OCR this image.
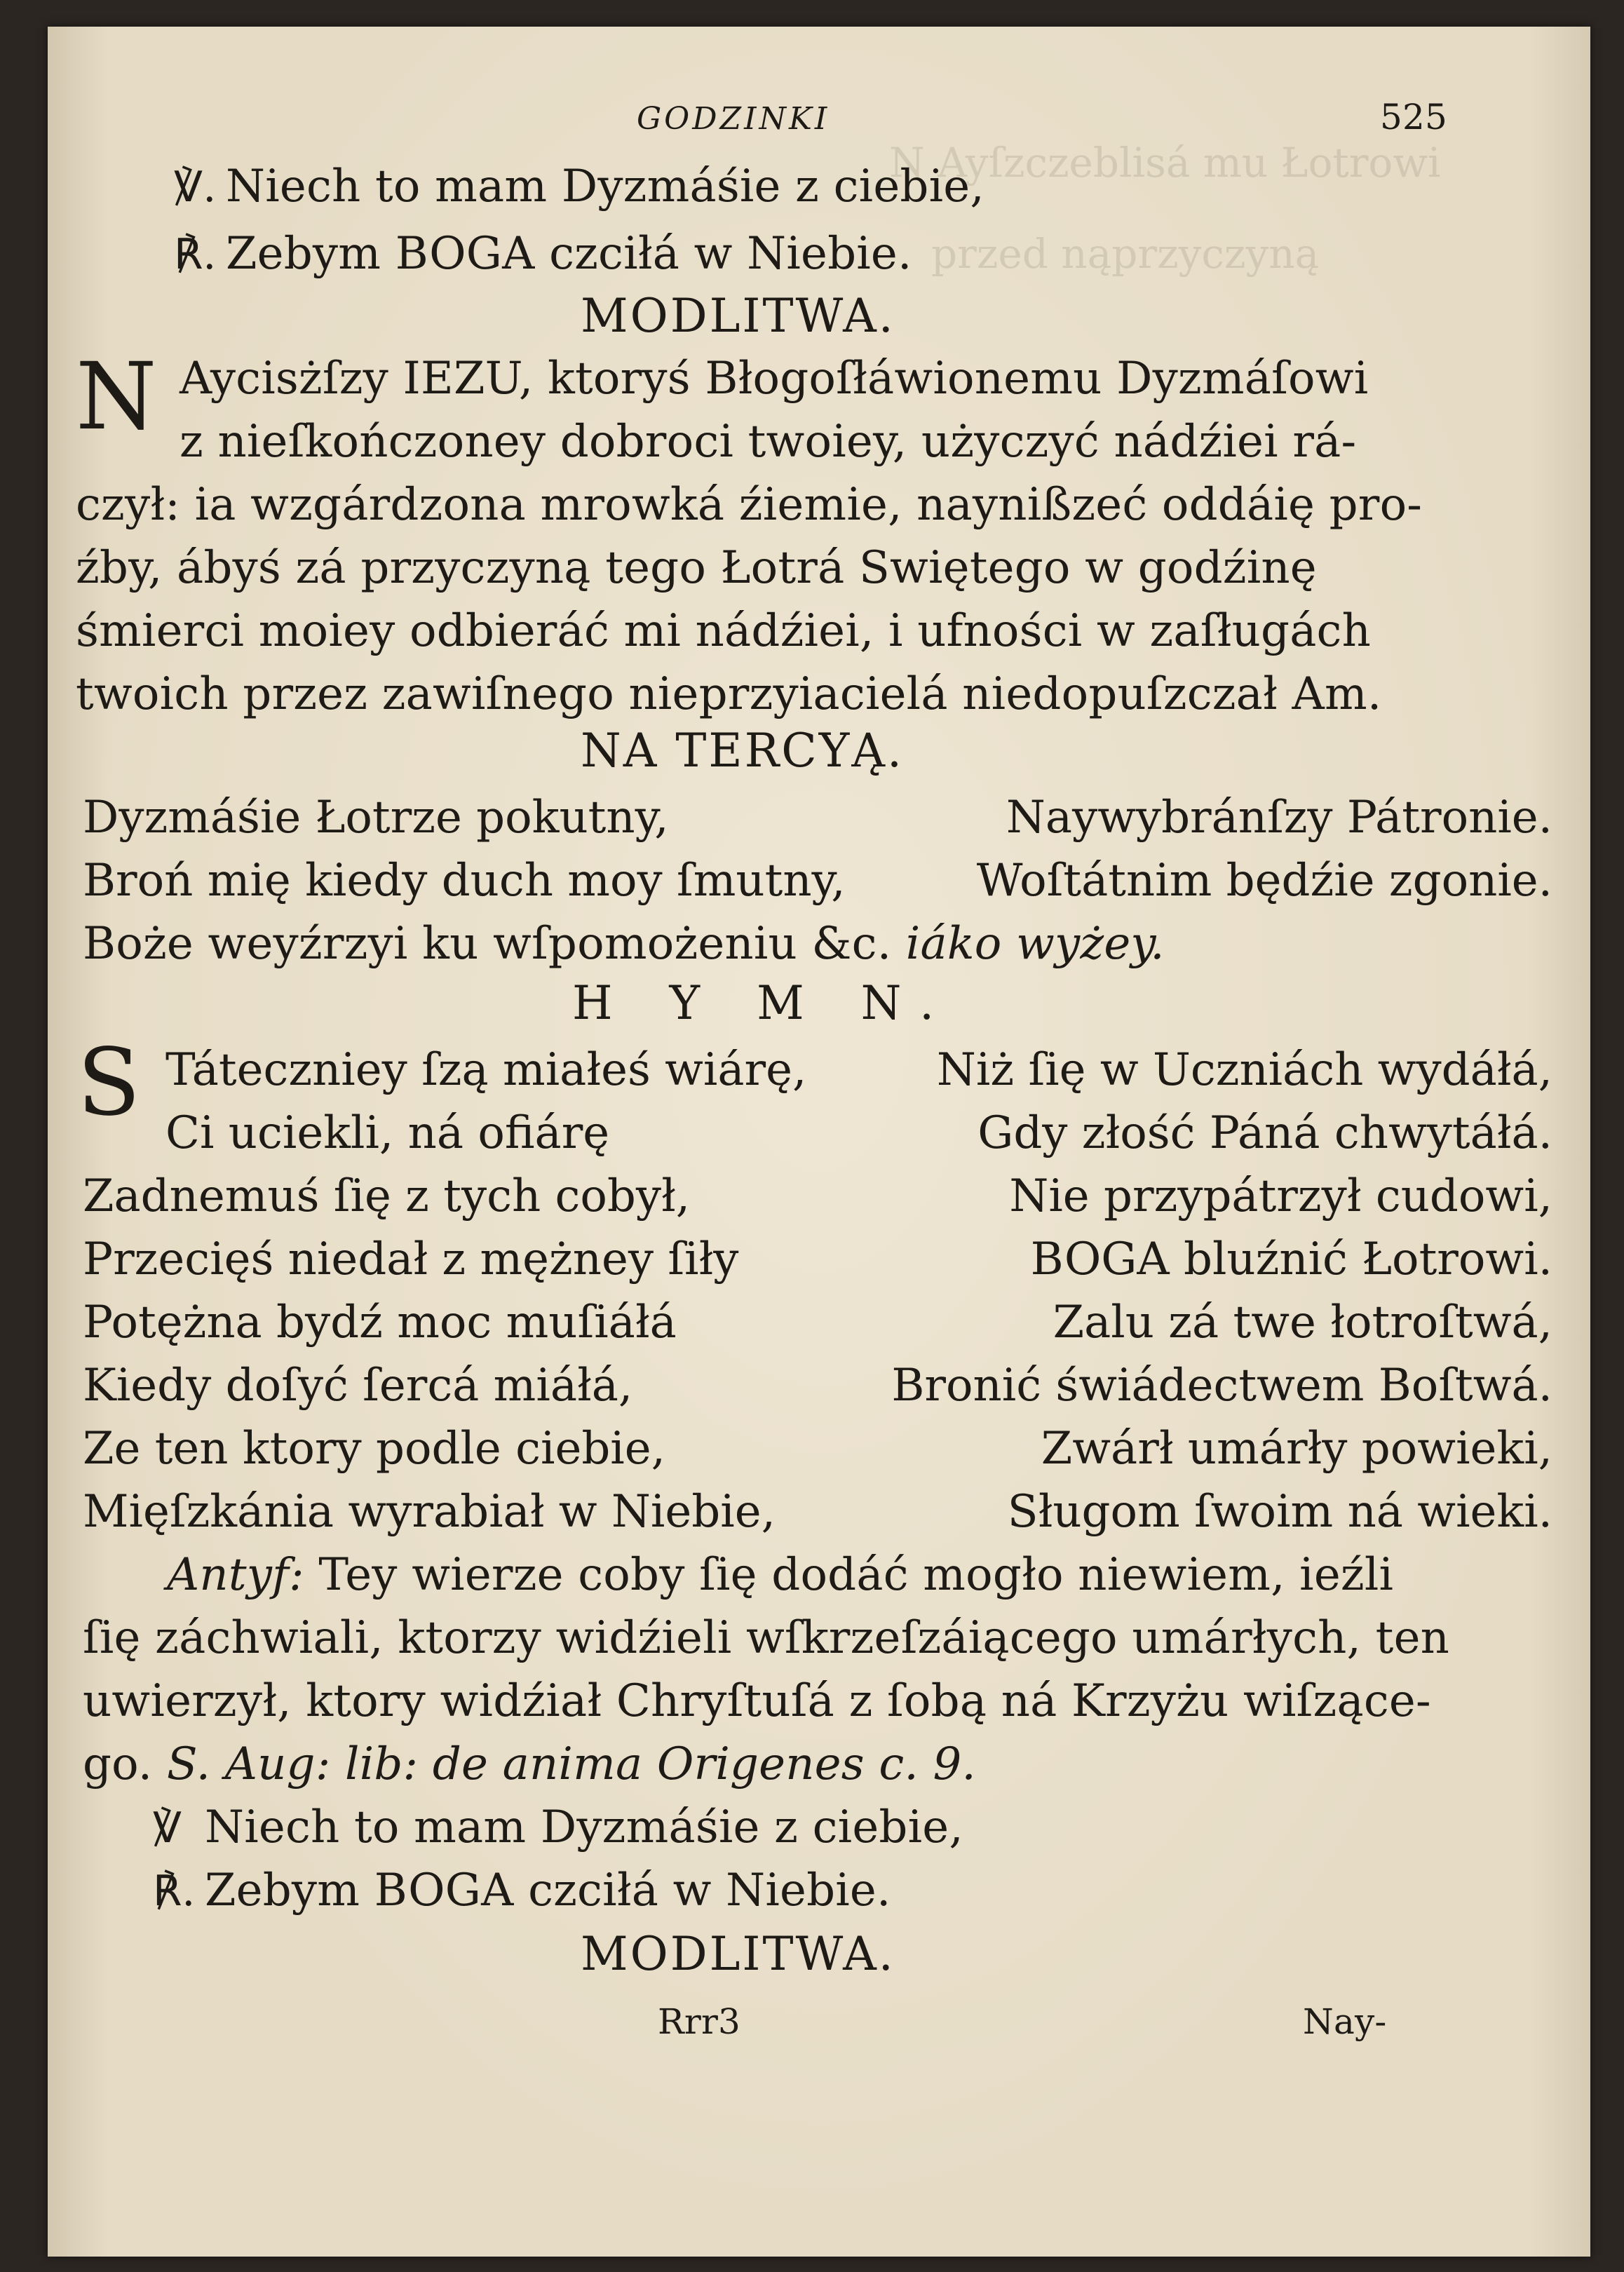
N Ayſzczeblisá mu Łotrowi
przed nąprzyczyną
GODZINKI	525
℣. Niech to mam Dyzmáśie z ciebie,
℟. Zebym BOGA czciłá w Niebie.
MODLITWA.
N Aycisżſzy IEZU, ktoryś Błogoſłáwionemu Dyzmáſowi
z nieſkończoney dobroci twoiey, użyczyć nádźiei rá-
czył: ia wzgárdzona mrowká źiemie, naynißzeć oddáię pro-
źby, ábyś zá przyczyną tego Łotrá Swiętego w godźinę
śmierci moiey odbieráć mi nádźiei, i ufności w zaſługách
twoich przez zawiſnego nieprzyiacielá niedopuſzczał Am.
NA TERCYĄ.
Dyzmáśie Łotrze pokutny,	Naywybránſzy Pátronie.
Broń mię kiedy duch moy ſmutny,	Woſtátnim będźie zgonie.
Boże weyźrzyi ku wſpomożeniu &c. iáko wyżey.
H Y M N.
S Táteczniey ſzą miałeś wiárę,	Niż ſię w Uczniách wydáłá,
Ci uciekli, ná ofiárę	Gdy złość Páná chwytáłá.
Zadnemuś ſię z tych cobył,	Nie przypátrzył cudowi,
Przecięś niedał z mężney ſiły	BOGA bluźnić Łotrowi.
Potężna bydź moc muſiáłá	Zalu zá twe łotroſtwá,
Kiedy doſyć ſercá miáłá,	Bronić świádectwem Boſtwá.
Ze ten ktory podle ciebie,	Zwárł umárły powieki,
Mięſzkánia wyrabiał w Niebie,	Sługom ſwoim ná wieki.
Antyf: Tey wierze coby ſię dodáć mogło niewiem, ieźli
ſię záchwiali, ktorzy widźieli wſkrzeſzáiącego umárłych, ten
uwierzył, ktory widźiał Chryſtuſá z ſobą ná Krzyżu wiſzące-
go. S. Aug: lib: de anima Origenes c. 9.
℣ Niech to mam Dyzmáśie z ciebie,
℟. Zebym BOGA czciłá w Niebie.
MODLITWA.
Rrr3	Nay-
